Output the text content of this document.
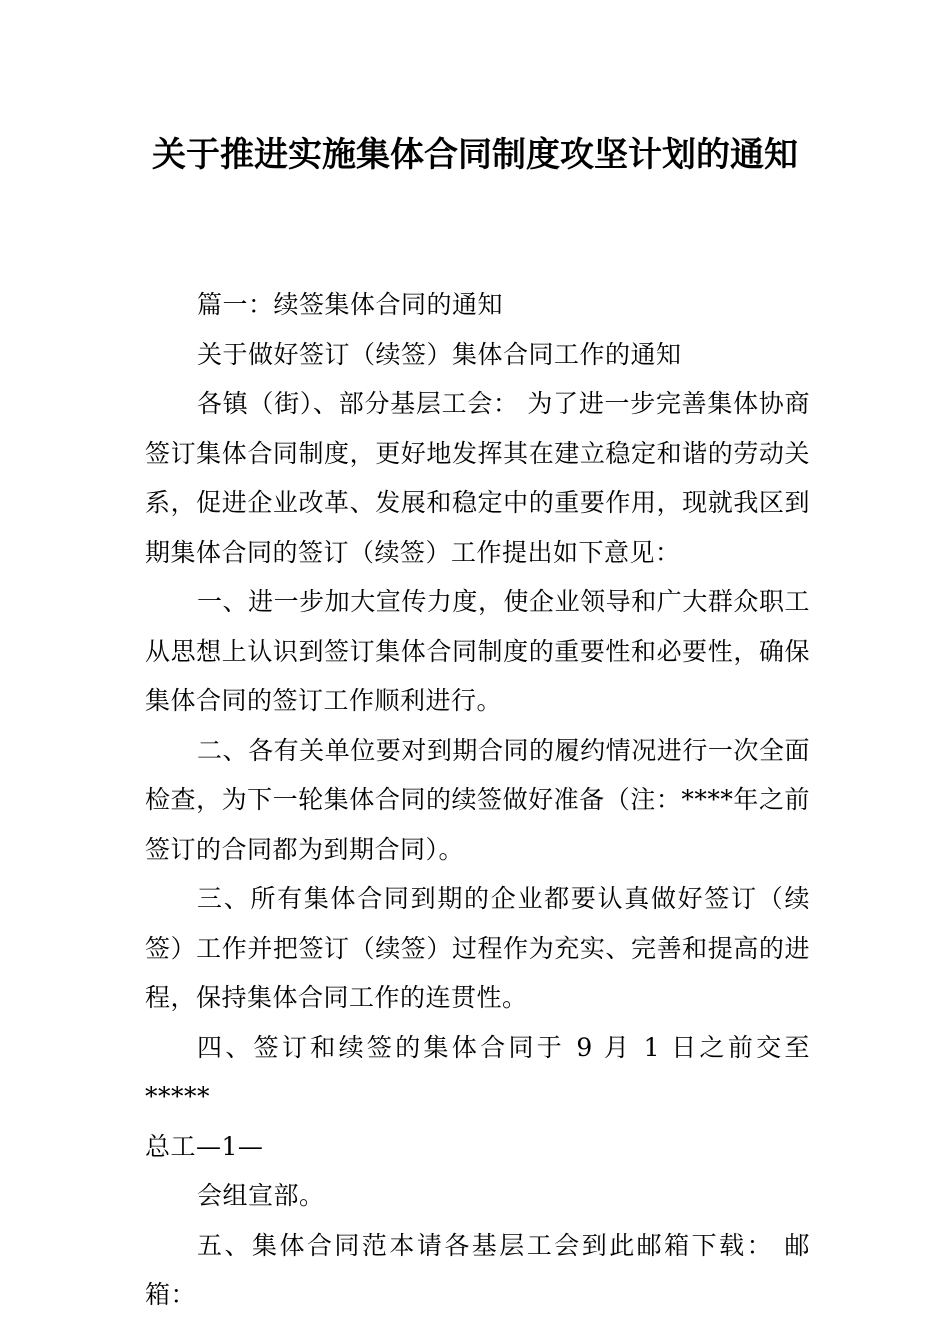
关于推进实施集体合同制度攻坚计划的通知

篇一：续签集体合同的通知

关于做好签订（续签）集体合同工作的通知

各镇（街）、部分基层工会： 为了进一步完善集体协商签订集体合同制度，更好地发挥其在建立稳定和谐的劳动关系，促进企业改革、发展和稳定中的重要作用，现就我区到期集体合同的签订（续签）工作提出如下意见：

一、进一步加大宣传力度，使企业领导和广大群众职工从思想上认识到签订集体合同制度的重要性和必要性，确保集体合同的签订工作顺利进行。

二、各有关单位要对到期合同的履约情况进行一次全面检查，为下一轮集体合同的续签做好准备（注：****年之前签订的合同都为到期合同）。

三、所有集体合同到期的企业都要认真做好签订（续签）工作并把签订（续签）过程作为充实、完善和提高的进程，保持集体合同工作的连贯性。

四、签订和续签的集体合同于 9 月 1 日之前交至*****

总工—1—

会组宣部。

五、集体合同范本请各基层工会到此邮箱下载： 邮箱：
